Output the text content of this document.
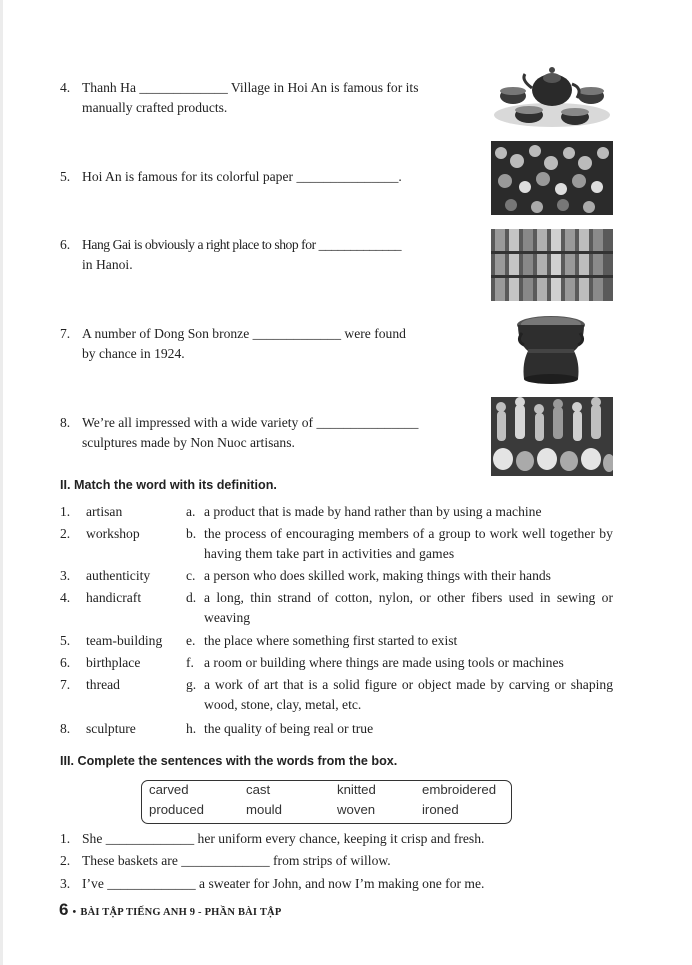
4. Thanh Ha _____________ Village in Hoi An is famous for its
manually crafted products.
5. Hoi An is famous for its colorful paper _______________.
6. Hang Gai is obviously a right place to shop for _____________
in Hanoi.
7. A number of Dong Son bronze _____________ were found
by chance in 1924.
8. We’re all impressed with a wide variety of _______________
sculptures made by Non Nuoc artisans.
II. Match the word with its definition.
1. artisan	a. a product that is made by hand rather than by using a machine
2. workshop	b. the process of encouraging members of a group to work well together by having them take part in activities and games
3. authenticity	c. a person who does skilled work, making things with their hands
4. handicraft	d. a long, thin strand of cotton, nylon, or other fibers used in sewing or weaving
5. team-building e. the place where something first started to exist
6. birthplace	f. a room or building where things are made using tools or machines
7. thread	g. a work of art that is a solid figure or object made by carving or shaping wood, stone, clay, metal, etc.
8. sculpture	h. the quality of being real or true
III. Complete the sentences with the words from the box.
carved	cast	knitted	embroidered
produced	mould	woven	ironed
1. She _____________ her uniform every chance, keeping it crisp and fresh.
2. These baskets are _____________ from strips of willow.
3. I’ve _____________ a sweater for John, and now I’m making one for me.
6 • BÀI TẬP TIẾNG ANH 9 - PHẦN BÀI TẬP
